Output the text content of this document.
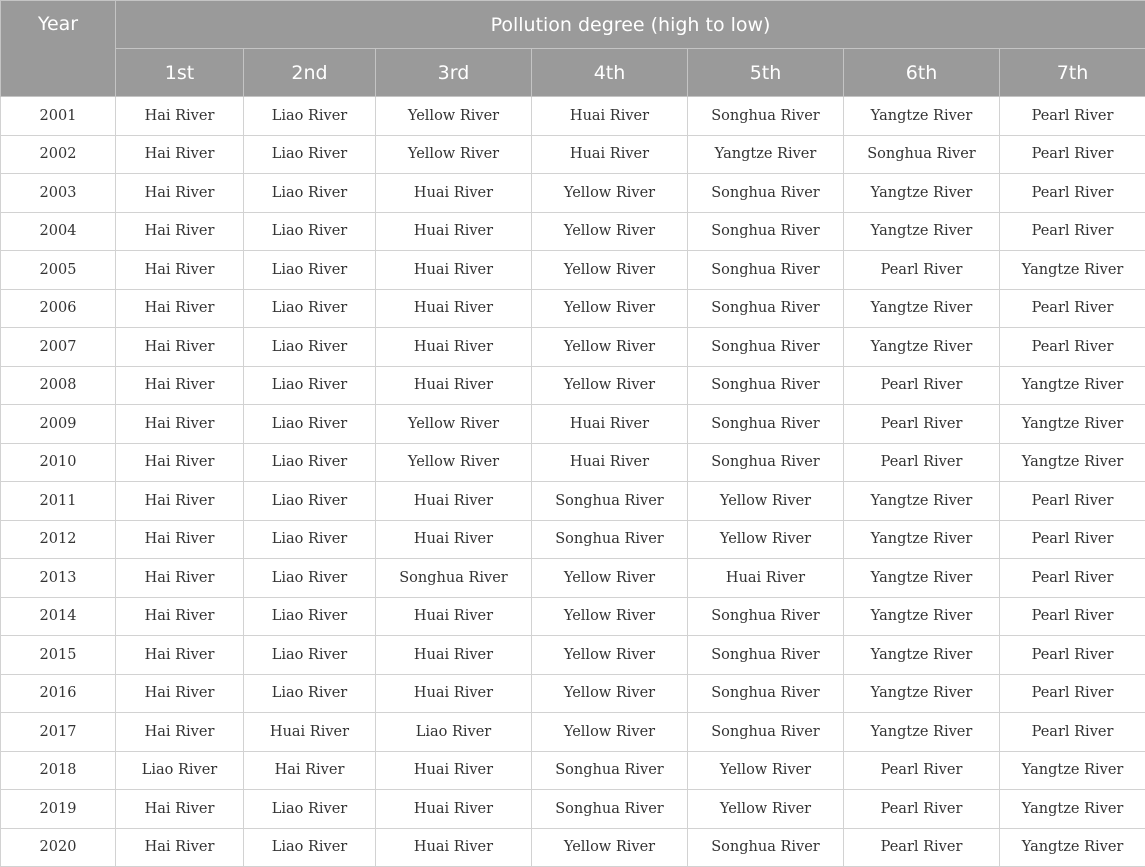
Year	Pollution degree (high to low)						
	1st	2nd	3rd	4th	5th	6th	7th
2001	Hai River	Liao River	Yellow River	Huai River	Songhua River	Yangtze River	Pearl River
2002	Hai River	Liao River	Yellow River	Huai River	Yangtze River	Songhua River	Pearl River
2003	Hai River	Liao River	Huai River	Yellow River	Songhua River	Yangtze River	Pearl River
2004	Hai River	Liao River	Huai River	Yellow River	Songhua River	Yangtze River	Pearl River
2005	Hai River	Liao River	Huai River	Yellow River	Songhua River	Pearl River	Yangtze River
2006	Hai River	Liao River	Huai River	Yellow River	Songhua River	Yangtze River	Pearl River
2007	Hai River	Liao River	Huai River	Yellow River	Songhua River	Yangtze River	Pearl River
2008	Hai River	Liao River	Huai River	Yellow River	Songhua River	Pearl River	Yangtze River
2009	Hai River	Liao River	Yellow River	Huai River	Songhua River	Pearl River	Yangtze River
2010	Hai River	Liao River	Yellow River	Huai River	Songhua River	Pearl River	Yangtze River
2011	Hai River	Liao River	Huai River	Songhua River	Yellow River	Yangtze River	Pearl River
2012	Hai River	Liao River	Huai River	Songhua River	Yellow River	Yangtze River	Pearl River
2013	Hai River	Liao River	Songhua River	Yellow River	Huai River	Yangtze River	Pearl River
2014	Hai River	Liao River	Huai River	Yellow River	Songhua River	Yangtze River	Pearl River
2015	Hai River	Liao River	Huai River	Yellow River	Songhua River	Yangtze River	Pearl River
2016	Hai River	Liao River	Huai River	Yellow River	Songhua River	Yangtze River	Pearl River
2017	Hai River	Huai River	Liao River	Yellow River	Songhua River	Yangtze River	Pearl River
2018	Liao River	Hai River	Huai River	Songhua River	Yellow River	Pearl River	Yangtze River
2019	Hai River	Liao River	Huai River	Songhua River	Yellow River	Pearl River	Yangtze River
2020	Hai River	Liao River	Huai River	Yellow River	Songhua River	Pearl River	Yangtze River
